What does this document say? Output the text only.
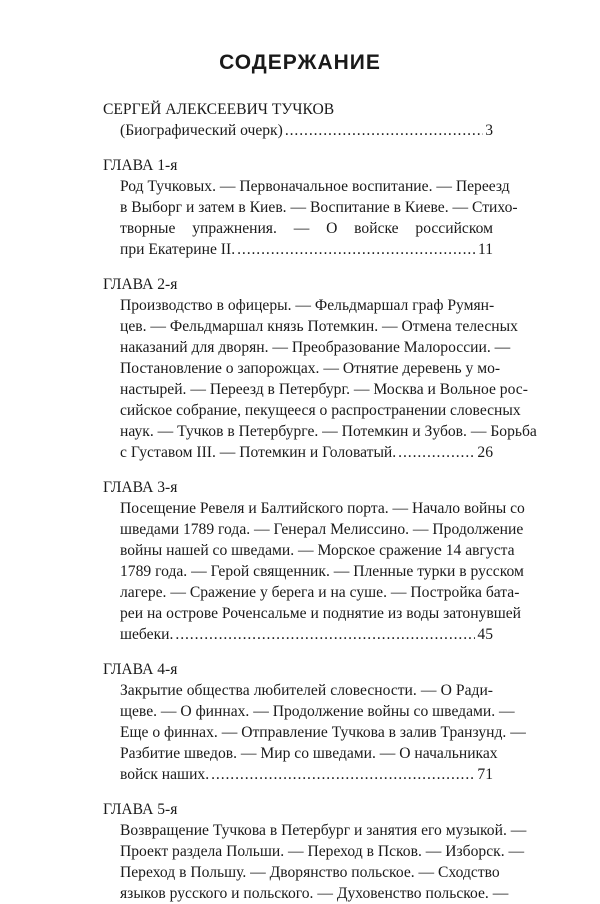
СОДЕРЖАНИЕ
СЕРГЕЙ АЛЕКСЕЕВИЧ ТУЧКОВ
(Биографический очерк) . . .	3
ГЛАВА 1-я
Род Тучковых. — Первоначальное воспитание. — Переезд
в Выборг и затем в Киев. — Воспитание в Киеве. — Стихо-
творные упражнения. — О войске российском
при Екатерине II. . . .	11
ГЛАВА 2-я
Производство в офицеры. — Фельдмаршал граф Румян-
цев. — Фельдмаршал князь Потемкин. — Отмена телесных
наказаний для дворян. — Преобразование Малороссии. —
Постановление о запорожцах. — Отнятие деревень у мо-
настырей. — Переезд в Петербург. — Москва и Вольное рос-
сийское собрание, пекущееся о распространении словесных
наук. — Тучков в Петербурге. — Потемкин и Зубов. — Борьба
с Густавом III. — Потемкин и Головатый. . . .	26
ГЛАВА 3-я
Посещение Ревеля и Балтийского порта. — Начало войны со
шведами 1789 года. — Генерал Мелиссино. — Продолжение
войны нашей со шведами. — Морское сражение 14 августа
1789 года. — Герой священник. — Пленные турки в русском
лагере. — Сражение у берега и на суше. — Постройка бата-
реи на острове Роченсальме и поднятие из воды затонувшей
шебеки. . . .	45
ГЛАВА 4-я
Закрытие общества любителей словесности. — О Ради-
щеве. — О финнах. — Продолжение войны со шведами. —
Еще о финнах. — Отправление Тучкова в залив Транзунд. —
Разбитие шведов. — Мир со шведами. — О начальниках
войск наших. . . .	71
ГЛАВА 5-я
Возвращение Тучкова в Петербург и занятия его музыкой. —
Проект раздела Польши. — Переход в Псков. — Изборск. —
Переход в Польшу. — Дворянство польское. — Сходство
языков русского и польского. — Духовенство польское. —
